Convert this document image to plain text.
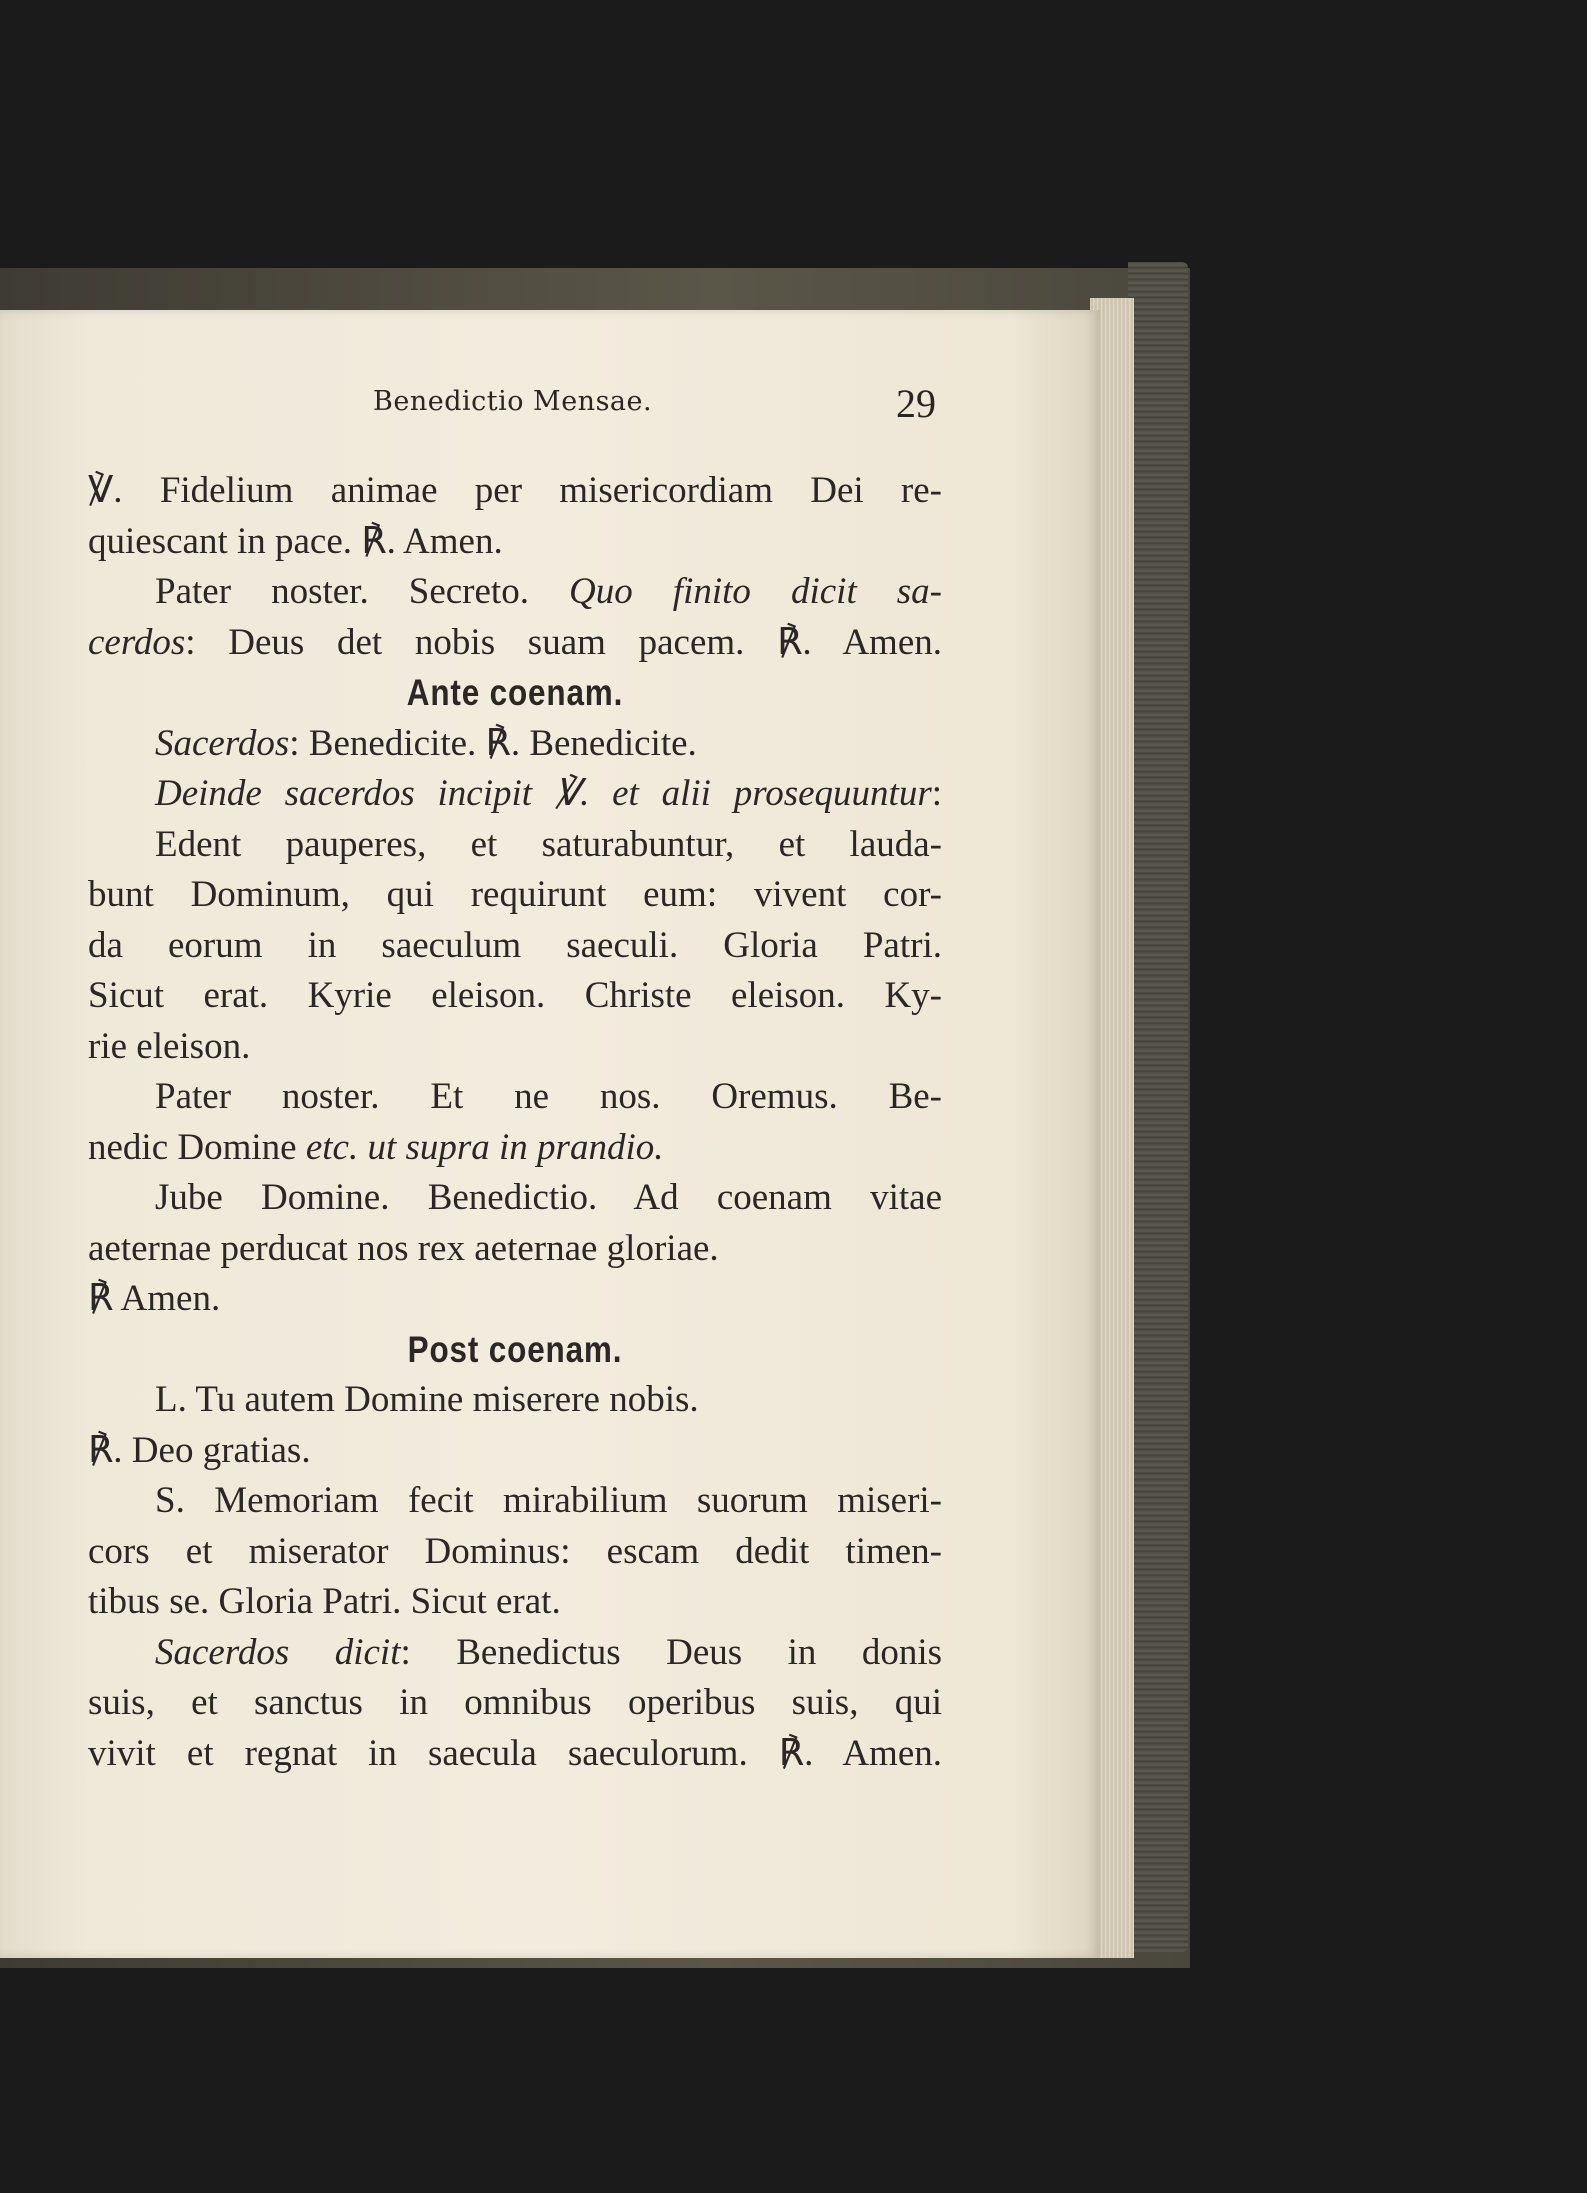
Benedictio Mensae.	29
℣. Fidelium animae per misericordiam Dei re-
quiescant in pace. ℟. Amen.
Pater noster. Secreto. Quo finito dicit sa-
cerdos: Deus det nobis suam pacem. ℟. Amen.
Ante coenam.
Sacerdos: Benedicite. ℟. Benedicite.
Deinde sacerdos incipit ℣. et alii prosequuntur:
Edent pauperes, et saturabuntur, et lauda-
bunt Dominum, qui requirunt eum: vivent cor-
da eorum in saeculum saeculi. Gloria Patri.
Sicut erat. Kyrie eleison. Christe eleison. Ky-
rie eleison.
Pater noster. Et ne nos. Oremus. Be-
nedic Domine etc. ut supra in prandio.
Jube Domine. Benedictio. Ad coenam vitae
aeternae perducat nos rex aeternae gloriae.
℟ Amen.
Post coenam.
L. Tu autem Domine miserere nobis.
℟. Deo gratias.
S. Memoriam fecit mirabilium suorum miseri-
cors et miserator Dominus: escam dedit timen-
tibus se. Gloria Patri. Sicut erat.
Sacerdos dicit: Benedictus Deus in donis
suis, et sanctus in omnibus operibus suis, qui
vivit et regnat in saecula saeculorum. ℟. Amen.
